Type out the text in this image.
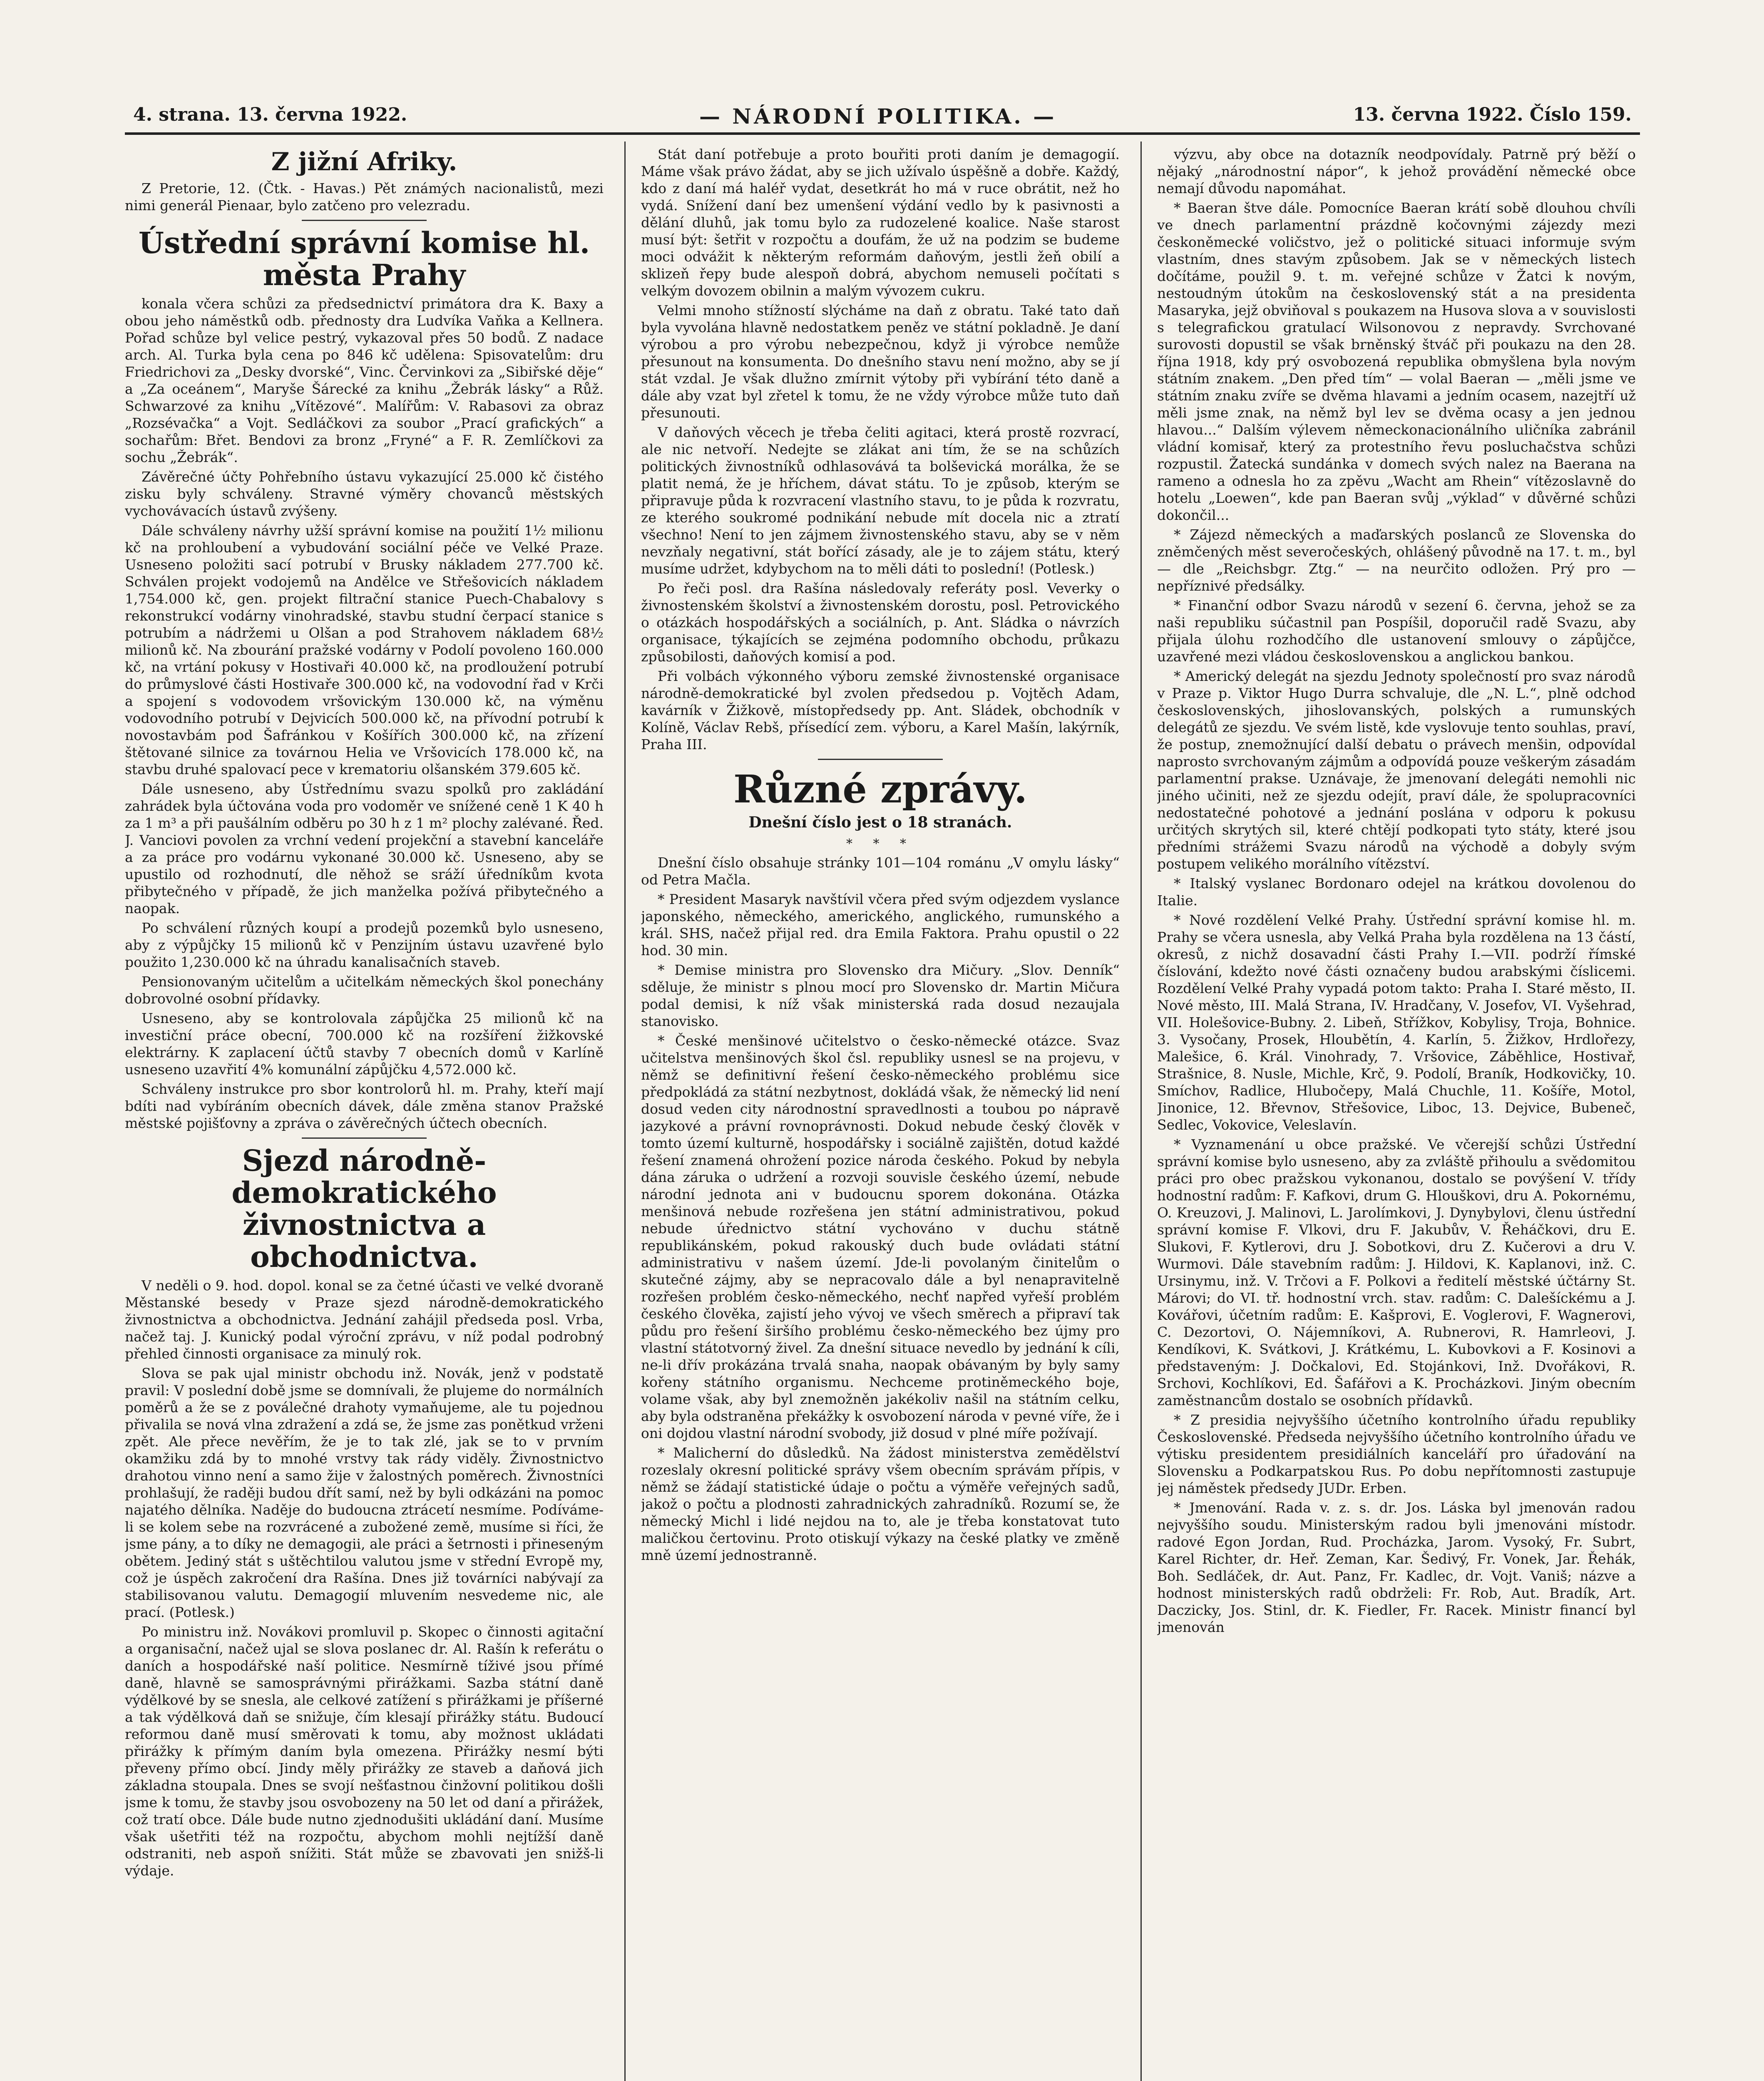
4. strana. 13. června 1922.	— NÁRODNÍ POLITIKA. —	13. června 1922. Číslo 159.
Z jižní Afriky.

Z Pretorie, 12. (Čtk. - Havas.) Pět známých nacionalistů, mezi nimi generál Pienaar, bylo zatčeno pro velezradu.

Ústřední správní komise hl. města Prahy

konala včera schůzi za předsednictví primátora dra K. Baxy a obou jeho náměstků odb. přednosty dra Ludvíka Vaňka a Kellnera. Pořad schůze byl velice pestrý, vykazoval přes 50 bodů. Z nadace arch. Al. Turka byla cena po 846 kč udělena: Spisovatelům: dru Friedrichovi za „Desky dvorské“, Vinc. Červinkovi za „Sibiřské děje“ a „Za oceánem“, Maryše Šárecké za knihu „Žebrák lásky“ a Růž. Schwarzové za knihu „Vítězové“. Malířům: V. Rabasovi za obraz „Rozsévačka“ a Vojt. Sedláčkovi za soubor „Prací grafických“ a sochařům: Břet. Bendovi za bronz „Fryné“ a F. R. Zemlíčkovi za sochu „Žebrák“.

Závěrečné účty Pohřebního ústavu vykazující 25.000 kč čistého zisku byly schváleny. Stravné výměry chovanců městských vychovávacích ústavů zvýšeny.

Dále schváleny návrhy užší správní komise na použití 1½ milionu kč na prohloubení a vybudování sociální péče ve Velké Praze. Usneseno položiti sací potrubí v Brusky nákladem 277.700 kč. Schválen projekt vodojemů na Andělce ve Střešovicích nákladem 1,754.000 kč, gen. projekt filtrační stanice Puech-Chabalovy s rekonstrukcí vodárny vinohradské, stavbu studní čerpací stanice s potrubím a nádržemi u Olšan a pod Strahovem nákladem 68½ milionů kč. Na zbourání pražské vodárny v Podolí povoleno 160.000 kč, na vrtání pokusy v Hostivaři 40.000 kč, na prodloužení potrubí do průmyslové části Hostivaře 300.000 kč, na vodovodní řad v Krči a spojení s vodovodem vršovickým 130.000 kč, na výměnu vodovodního potrubí v Dejvicích 500.000 kč, na přívodní potrubí k novostavbám pod Šafránkou v Košířích 300.000 kč, na zřízení štětované silnice za továrnou Helia ve Vršovicích 178.000 kč, na stavbu druhé spalovací pece v krematoriu olšanském 379.605 kč.

Dále usneseno, aby Ústřednímu svazu spolků pro zakládání zahrádek byla účtována voda pro vodoměr ve snížené ceně 1 K 40 h za 1 m³ a při paušálním odběru po 30 h z 1 m² plochy zalévané. Řed. J. Vanciovi povolen za vrchní vedení projekční a stavební kanceláře a za práce pro vodárnu vykonané 30.000 kč. Usneseno, aby se upustilo od rozhodnutí, dle něhož se sráží úředníkům kvota přibytečného v případě, že jich manželka požívá přibytečného a naopak.

Po schválení různých koupí a prodejů pozemků bylo usneseno, aby z výpůjčky 15 milionů kč v Penzijním ústavu uzavřené bylo použito 1,230.000 kč na úhradu kanalisačních staveb.

Pensionovaným učitelům a učitelkám německých škol ponechány dobrovolné osobní přídavky.

Usneseno, aby se kontrolovala zápůjčka 25 milionů kč na investiční práce obecní, 700.000 kč na rozšíření žižkovské elektrárny. K zaplacení účtů stavby 7 obecních domů v Karlíně usneseno uzavřití 4% komunální zápůjčku 4,572.000 kč.

Schváleny instrukce pro sbor kontrolorů hl. m. Prahy, kteří mají bdíti nad vybíráním obecních dávek, dále změna stanov Pražské městské pojišťovny a zpráva o závěrečných účtech obecních.

Sjezd národně-demokratického živnostnictva a obchodnictva.

V neděli o 9. hod. dopol. konal se za četné účasti ve velké dvoraně Městanské besedy v Praze sjezd národně-demokratického živnostnictva a obchodnictva. Jednání zahájil předseda posl. Vrba, načež taj. J. Kunický podal výroční zprávu, v níž podal podrobný přehled činnosti organisace za minulý rok.

Slova se pak ujal ministr obchodu inž. Novák, jenž v podstatě pravil: V poslední době jsme se domnívali, že plujeme do normálních poměrů a že se z poválečné drahoty vymaňujeme, ale tu pojednou přivalila se nová vlna zdražení a zdá se, že jsme zas ponětkud vrženi zpět. Ale přece nevěřím, že je to tak zlé, jak se to v prvním okamžiku zdá by to mnohé vrstvy tak rády viděly. Živnostnictvo drahotou vinno není a samo žije v žalostných poměrech. Živnostníci prohlašují, že raději budou dřít samí, než by byli odkázáni na pomoc najatého dělníka. Naděje do budoucna ztrácetí nesmíme. Podíváme-li se kolem sebe na rozvrácené a zubožené země, musíme si říci, že jsme pány, a to díky ne demagogii, ale práci a šetrnosti i přineseným obětem. Jediný stát s uštěchtilou valutou jsme v střední Evropě my, což je úspěch zakročení dra Rašína. Dnes již továrníci nabývají za stabilisovanou valutu. Demagogií mluvením nesvedeme nic, ale prací. (Potlesk.)

Po ministru inž. Novákovi promluvil p. Skopec o činnosti agitační a organisační, načež ujal se slova poslanec dr. Al. Rašín k referátu o daních a hospodářské naší politice. Nesmírně tíživé jsou přímé daně, hlavně se samosprávnými přirážkami. Sazba státní daně výdělkové by se snesla, ale celkové zatížení s přirážkami je příšerné a tak výdělková daň se snižuje, čím klesají přirážky státu. Budoucí reformou daně musí směrovati k tomu, aby možnost ukládati přirážky k přímým daním byla omezena. Přirážky nesmí býti převeny přímo obcí. Jindy měly přirážky ze staveb a daňová jich základna stoupala. Dnes se svojí nešťastnou činžovní politikou došli jsme k tomu, že stavby jsou osvobozeny na 50 let od daní a přirážek, což tratí obce. Dále bude nutno zjednodušiti ukládání daní. Musíme však ušetřiti též na rozpočtu, abychom mohli nejtížší daně odstraniti, neb aspoň snížiti. Stát může se zbavovati jen snižš-li výdaje.

Stát daní potřebuje a proto bouřiti proti daním je demagogií. Máme však právo žádat, aby se jich užívalo úspěšně a dobře. Každý, kdo z daní má haléř vydat, desetkrát ho má v ruce obrátit, než ho vydá. Snížení daní bez umenšení výdání vedlo by k pasivnosti a dělání dluhů, jak tomu bylo za rudozelené koalice. Naše starost musí být: šetřit v rozpočtu a doufám, že už na podzim se budeme moci odvážit k některým reformám daňovým, jestli žeň obilí a sklizeň řepy bude alespoň dobrá, abychom nemuseli počítati s velkým dovozem obilnin a malým vývozem cukru.

Velmi mnoho stížností slýcháme na daň z obratu. Také tato daň byla vyvolána hlavně nedostatkem peněz ve státní pokladně. Je daní výrobou a pro výrobu nebezpečnou, když ji výrobce nemůže přesunout na konsumenta. Do dnešního stavu není možno, aby se jí stát vzdal. Je však dlužno zmírnit výtoby při vybírání této daně a dále aby vzat byl zřetel k tomu, že ne vždy výrobce může tuto daň přesunouti.

V daňových věcech je třeba čeliti agitaci, která prostě rozvrací, ale nic netvoří. Nedejte se zlákat ani tím, že se na schůzích politických živnostníků odhlasovává ta bolševická morálka, že se platit nemá, že je hříchem, dávat státu. To je způsob, kterým se připravuje půda k rozvracení vlastního stavu, to je půda k rozvratu, ze kterého soukromé podnikání nebude mít docela nic a ztratí všechno! Není to jen zájmem živnostenského stavu, aby se v něm nevzňaly negativní, stát bořící zásady, ale je to zájem státu, který musíme udržet, kdybychom na to měli dáti to poslední! (Potlesk.)

Po řeči posl. dra Rašína následovaly referáty posl. Veverky o živnostenském školství a živnostenském dorostu, posl. Petrovického o otázkách hospodářských a sociálních, p. Ant. Sládka o návrzích organisace, týkajících se zejména podomního obchodu, průkazu způsobilosti, daňových komisí a pod.

Při volbách výkonného výboru zemské živnostenské organisace národně-demokratické byl zvolen předsedou p. Vojtěch Adam, kavárník v Žižkově, místopředsedy pp. Ant. Sládek, obchodník v Kolíně, Václav Rebš, přísedící zem. výboru, a Karel Mašín, lakýrník, Praha III.

Různé zprávy.
Dnešní číslo jest o 18 stranách.
* * *

Dnešní číslo obsahuje stránky 101—104 románu „V omylu lásky“ od Petra Mačla.

* President Masaryk navštívil včera před svým odjezdem vyslance japonského, německého, amerického, anglického, rumunského a král. SHS, načež přijal red. dra Emila Faktora. Prahu opustil o 22 hod. 30 min.

* Demise ministra pro Slovensko dra Mičury. „Slov. Denník“ sděluje, že ministr s plnou mocí pro Slovensko dr. Martin Mičura podal demisi, k níž však ministerská rada dosud nezaujala stanovisko.

* České menšinové učitelstvo o česko-německé otázce. Svaz učitelstva menšinových škol čsl. republiky usnesl se na projevu, v němž se definitivní řešení česko-německého problému sice předpokládá za státní nezbytnost, dokládá však, že německý lid není dosud veden city národnostní spravedlnosti a toubou po nápravě jazykové a právní rovnoprávnosti. Dokud nebude český člověk v tomto území kulturně, hospodářsky i sociálně zajištěn, dotud každé řešení znamená ohrožení pozice národa českého. Pokud by nebyla dána záruka o udržení a rozvoji souvisle českého území, nebude národní jednota ani v budoucnu sporem dokonána. Otázka menšinová nebude rozřešena jen státní administrativou, pokud nebude úřednictvo státní vychováno v duchu státně republikánském, pokud rakouský duch bude ovládati státní administrativu v našem území. Jde-li povolaným činitelům o skutečné zájmy, aby se nepracovalo dále a byl nenapravitelně rozřešen problém česko-německého, nechť napřed vyřeší problém českého člověka, zajistí jeho vývoj ve všech směrech a připraví tak půdu pro řešení širšího problému česko-německého bez újmy pro vlastní státotvorný živel. Za dnešní situace nevedlo by jednání k cíli, ne-li dřív prokázána trvalá snaha, naopak obávaným by byly samy kořeny státního organismu. Nechceme protiněmeckého boje, volame však, aby byl znemožněn jakékoliv našil na státním celku, aby byla odstraněna překážky k osvobození národa v pevné víře, že i oni dojdou vlastní národní svobody, již dosud v plné míře požívají.

* Malicherní do důsledků. Na žádost ministerstva zemědělství rozeslaly okresní politické správy všem obecním správám přípis, v němž se žádají statistické údaje o počtu a výměře veřejných sadů, jakož o počtu a plodnosti zahradnických zahradníků. Rozumí se, že německý Michl i lidé nejdou na to, ale je třeba konstatovat tuto maličkou čertovinu. Proto otiskují výkazy na české platky ve změně mně území jednostranně.

výzvu, aby obce na dotazník neodpovídaly. Patrně prý běží o nějaký „národnostní nápor“, k jehož provádění německé obce nemají důvodu napomáhat.

* Baeran štve dále. Pomocníce Baeran krátí sobě dlouhou chvíli ve dnech parlamentní prázdně kočovnými zájezdy mezi českoněmecké voličstvo, jež o politické situaci informuje svým vlastním, dnes stavým způsobem. Jak se v německých listech dočítáme, použil 9. t. m. veřejné schůze v Žatci k novým, nestoudným útokům na československý stát a na presidenta Masaryka, jejž obviňoval s poukazem na Husova slova a v souvislosti s telegrafickou gratulací Wilsonovou z nepravdy. Svrchované surovosti dopustil se však brněnský štváč při poukazu na den 28. října 1918, kdy prý osvobozená republika obmyšlena byla novým státním znakem. „Den před tím“ — volal Baeran — „měli jsme ve státním znaku zvíře se dvěma hlavami a jedním ocasem, nazejtří už měli jsme znak, na němž byl lev se dvěma ocasy a jen jednou hlavou...“ Dalším výlevem německonacionálního uličníka zabránil vládní komisař, který za protestního řevu posluchačstva schůzi rozpustil. Žatecká sundánka v domech svých nalez na Baerana na rameno a odnesla ho za zpěvu „Wacht am Rhein“ vítězoslavně do hotelu „Loewen“, kde pan Baeran svůj „výklad“ v důvěrné schůzi dokončil...

* Zájezd německých a maďarských poslanců ze Slovenska do zněmčených měst severočeských, ohlášený původně na 17. t. m., byl — dle „Reichsbgr. Ztg.“ — na neurčito odložen. Prý pro — nepříznivé předsálky.

* Finanční odbor Svazu národů v sezení 6. června, jehož se za naši republiku súčastnil pan Pospíšil, doporučil radě Svazu, aby přijala úlohu rozhodčího dle ustanovení smlouvy o zápůjčce, uzavřené mezi vládou československou a anglickou bankou.

* Americký delegát na sjezdu Jednoty společností pro svaz národů v Praze p. Viktor Hugo Durra schvaluje, dle „N. L.“, plně odchod československých, jihoslovanských, polských a rumunských delegátů ze sjezdu. Ve svém listě, kde vyslovuje tento souhlas, praví, že postup, znemožnující další debatu o právech menšin, odpovídal naprosto svrchovaným zájmům a odpovídá pouze veškerým zásadám parlamentní prakse. Uznávaje, že jmenovaní delegáti nemohli nic jiného učiniti, než ze sjezdu odejít, praví dále, že spolupracovníci nedostatečné pohotové a jednání poslána v odporu k pokusu určitých skrytých sil, které chtějí podkopati tyto státy, které jsou předními strážemi Svazu národů na východě a dobyly svým postupem velikého morálního vítězství.

* Italský vyslanec Bordonaro odejel na krátkou dovolenou do Italie.

* Nové rozdělení Velké Prahy. Ústřední správní komise hl. m. Prahy se včera usnesla, aby Velká Praha byla rozdělena na 13 částí, okresů, z nichž dosavadní části Prahy I.—VII. podrží římské číslování, kdežto nové části označeny budou arabskými číslicemi. Rozdělení Velké Prahy vypadá potom takto: Praha I. Staré město, II. Nové město, III. Malá Strana, IV. Hradčany, V. Josefov, VI. Vyšehrad, VII. Holešovice-Bubny. 2. Libeň, Střížkov, Kobylisy, Troja, Bohnice. 3. Vysočany, Prosek, Hloubětín, 4. Karlín, 5. Žižkov, Hrdlořezy, Malešice, 6. Král. Vinohrady, 7. Vršovice, Záběhlice, Hostivař, Strašnice, 8. Nusle, Michle, Krč, 9. Podolí, Braník, Hodkovičky, 10. Smíchov, Radlice, Hlubočepy, Malá Chuchle, 11. Košíře, Motol, Jinonice, 12. Břevnov, Střešovice, Liboc, 13. Dejvice, Bubeneč, Sedlec, Vokovice, Veleslavín.

* Vyznamenání u obce pražské. Ve včerejší schůzi Ústřední správní komise bylo usneseno, aby za zvláště přihoulu a svědomitou práci pro obec pražskou vykonanou, dostalo se povýšení V. třídy hodnostní radům: F. Kafkovi, drum G. Hlouškovi, dru A. Pokornému, O. Kreuzovi, J. Malinovi, L. Jarolímkovi, J. Dynybylovi, členu ústřední správní komise F. Vlkovi, dru F. Jakubův, V. Řeháčkovi, dru E. Slukovi, F. Kytlerovi, dru J. Sobotkovi, dru Z. Kučerovi a dru V. Wurmovi. Dále stavebním radům: J. Hildovi, K. Kaplanovi, inž. C. Ursinymu, inž. V. Trčovi a F. Polkovi a ředitelí městské účtárny St. Márovi; do VI. tř. hodnostní vrch. stav. radům: C. Dalešíckému a J. Kovářovi, účetním radům: E. Kašprovi, E. Voglerovi, F. Wagnerovi, C. Dezortovi, O. Nájemníkovi, A. Rubnerovi, R. Hamrleovi, J. Kendíkovi, K. Svátkovi, J. Krátkému, L. Kubovkovi a F. Kosinovi a představeným: J. Dočkalovi, Ed. Stojánkovi, Inž. Dvořákovi, R. Srchovi, Kochlíkovi, Ed. Šafářovi a K. Procházkovi. Jiným obecním zaměstnancům dostalo se osobních přídavků.

* Z presidia nejvyššího účetního kontrolního úřadu republiky Československé. Předseda nejvyššího účetního kontrolního úřadu ve výtisku presidentem presidiálních kanceláří pro úřadování na Slovensku a Podkarpatskou Rus. Po dobu nepřítomnosti zastupuje jej náměstek předsedy JUDr. Erben.

* Jmenování. Rada v. z. s. dr. Jos. Láska byl jmenován radou nejvyššího soudu. Ministerským radou byli jmenováni místodr. radové Egon Jordan, Rud. Procházka, Jarom. Vysoký, Fr. Subrt, Karel Richter, dr. Heř. Zeman, Kar. Šedivý, Fr. Vonek, Jar. Řehák, Boh. Sedláček, dr. Aut. Panz, Fr. Kadlec, dr. Vojt. Vaniš; názve a hodnost ministerských radů obdrželi: Fr. Rob, Aut. Bradík, Art. Daczicky, Jos. Stinl, dr. K. Fiedler, Fr. Racek. Ministr financí byl jmenován
